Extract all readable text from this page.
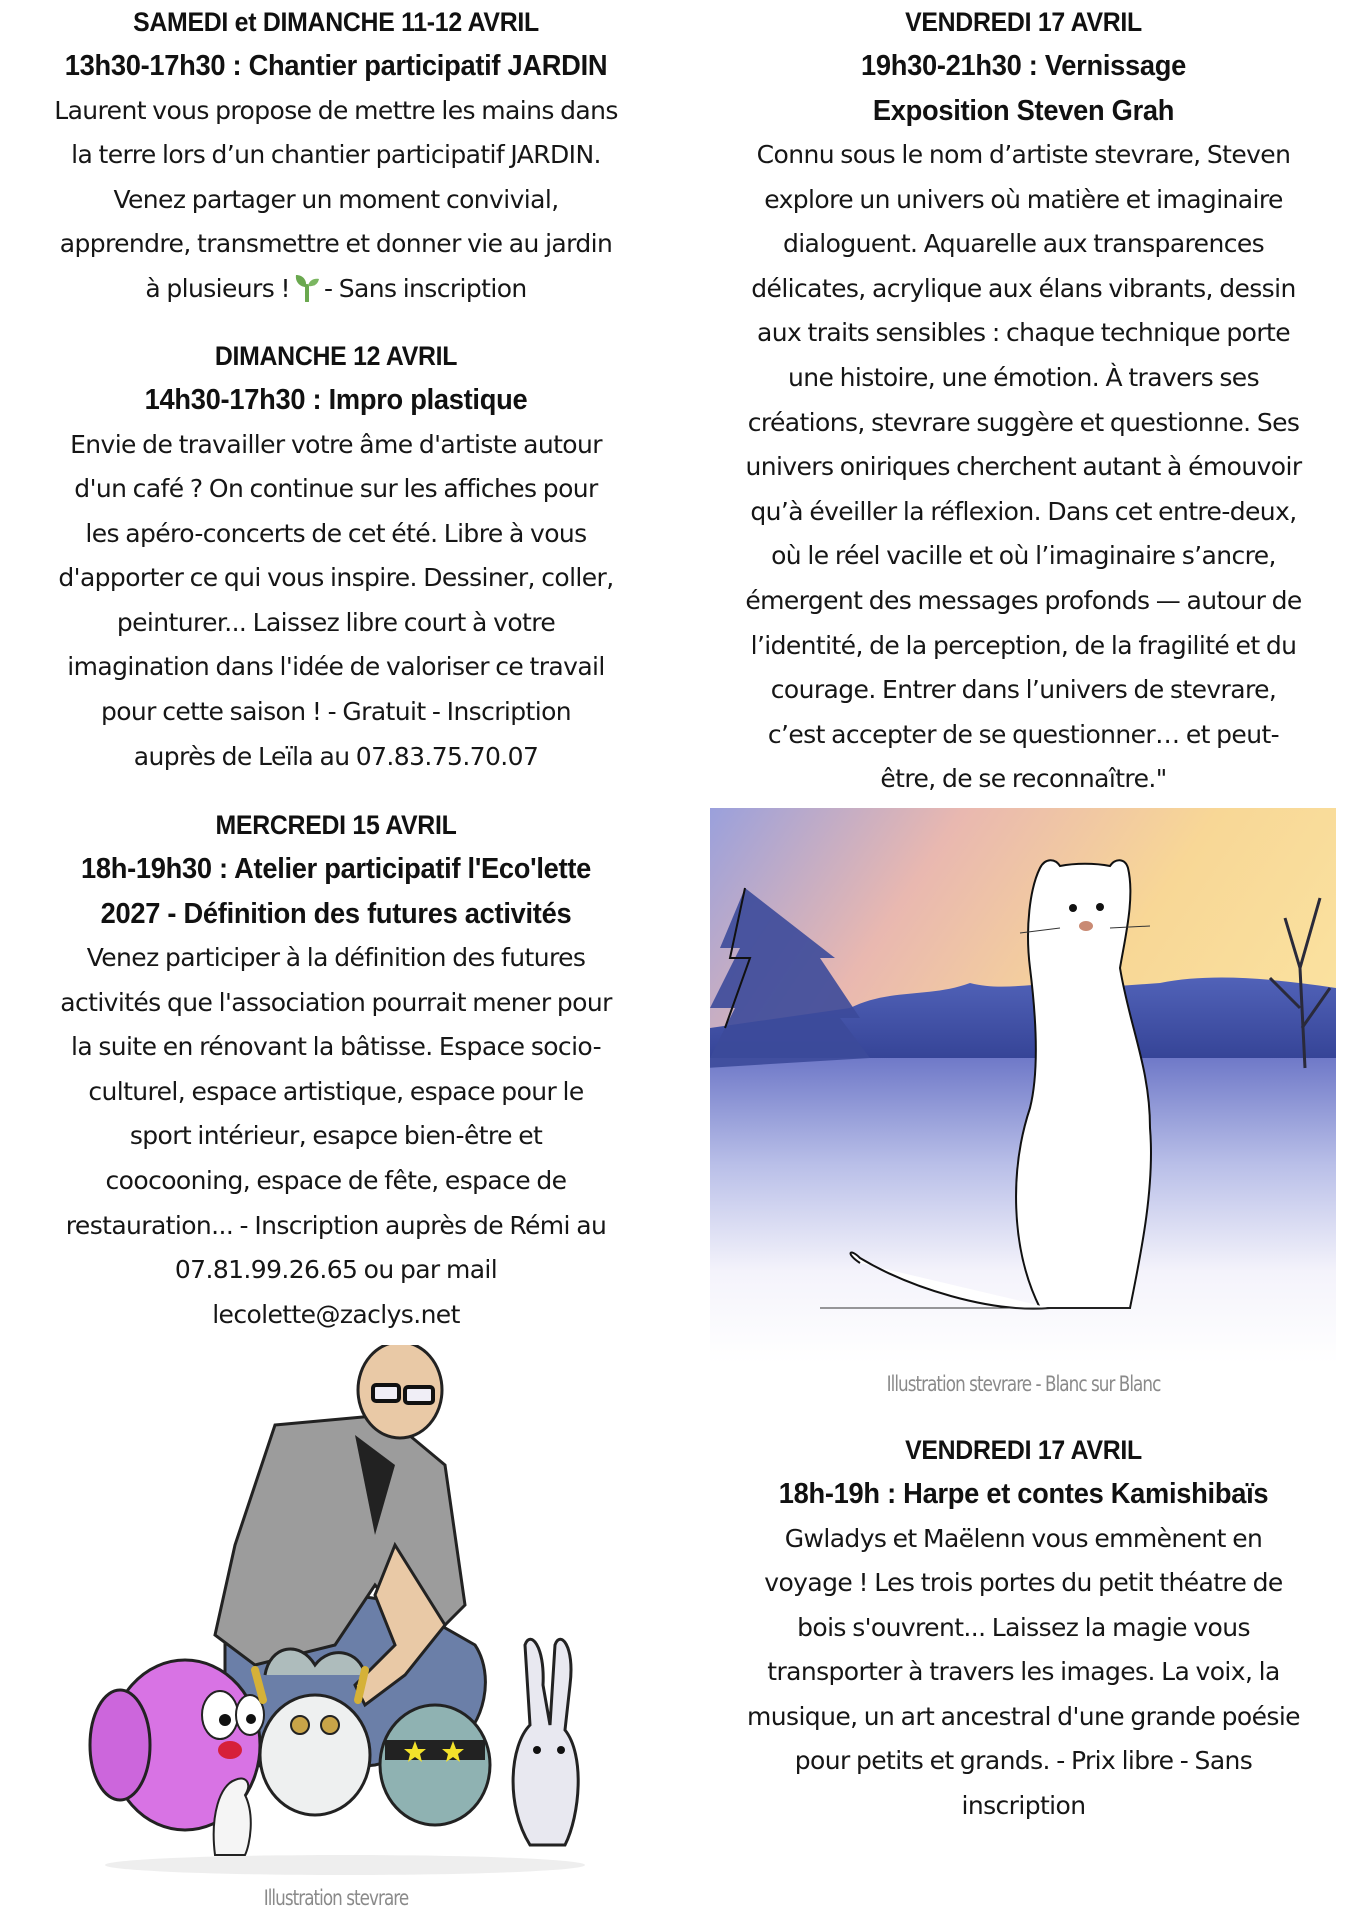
SAMEDI et DIMANCHE 11-12 AVRIL
13h30-17h30 : Chantier participatif JARDIN

Laurent vous propose de mettre les mains dans
la terre lors d’un chantier participatif JARDIN.
Venez partager un moment convivial,
apprendre, transmettre et donner vie au jardin
à plusieurs ! - Sans inscription

DIMANCHE 12 AVRIL
14h30-17h30 : Impro plastique

Envie de travailler votre âme d'artiste autour
d'un café ? On continue sur les affiches pour
les apéro-concerts de cet été. Libre à vous
d'apporter ce qui vous inspire. Dessiner, coller,
peinturer... Laissez libre court à votre
imagination dans l'idée de valoriser ce travail
pour cette saison ! - Gratuit - Inscription
auprès de Leïla au 07.83.75.70.07

MERCREDI 15 AVRIL
18h-19h30 : Atelier participatif l'Eco'lette
2027 - Définition des futures activités

Venez participer à la définition des futures
activités que l'association pourrait mener pour
la suite en rénovant la bâtisse. Espace socio-
culturel, espace artistique, espace pour le
sport intérieur, esapce bien-être et
coocooning, espace de fête, espace de
restauration... - Inscription auprès de Rémi au
07.81.99.26.65 ou par mail
lecolette@zaclys.net

Illustration stevrare
VENDREDI 17 AVRIL
19h30-21h30 : Vernissage
Exposition Steven Grah

Connu sous le nom d’artiste stevrare, Steven
explore un univers où matière et imaginaire
dialoguent. Aquarelle aux transparences
délicates, acrylique aux élans vibrants, dessin
aux traits sensibles : chaque technique porte
une histoire, une émotion. À travers ses
créations, stevrare suggère et questionne. Ses
univers oniriques cherchent autant à émouvoir
qu’à éveiller la réflexion. Dans cet entre-deux,
où le réel vacille et où l’imaginaire s’ancre,
émergent des messages profonds — autour de
l’identité, de la perception, de la fragilité et du
courage. Entrer dans l’univers de stevrare,
c’est accepter de se questionner… et peut-
être, de se reconnaître."

Illustration stevrare - Blanc sur Blanc
VENDREDI 17 AVRIL
18h-19h : Harpe et contes Kamishibaïs

Gwladys et Maëlenn vous emmènent en
voyage ! Les trois portes du petit théatre de
bois s'ouvrent... Laissez la magie vous
transporter à travers les images. La voix, la
musique, un art ancestral d'une grande poésie
pour petits et grands. - Prix libre - Sans
inscription
